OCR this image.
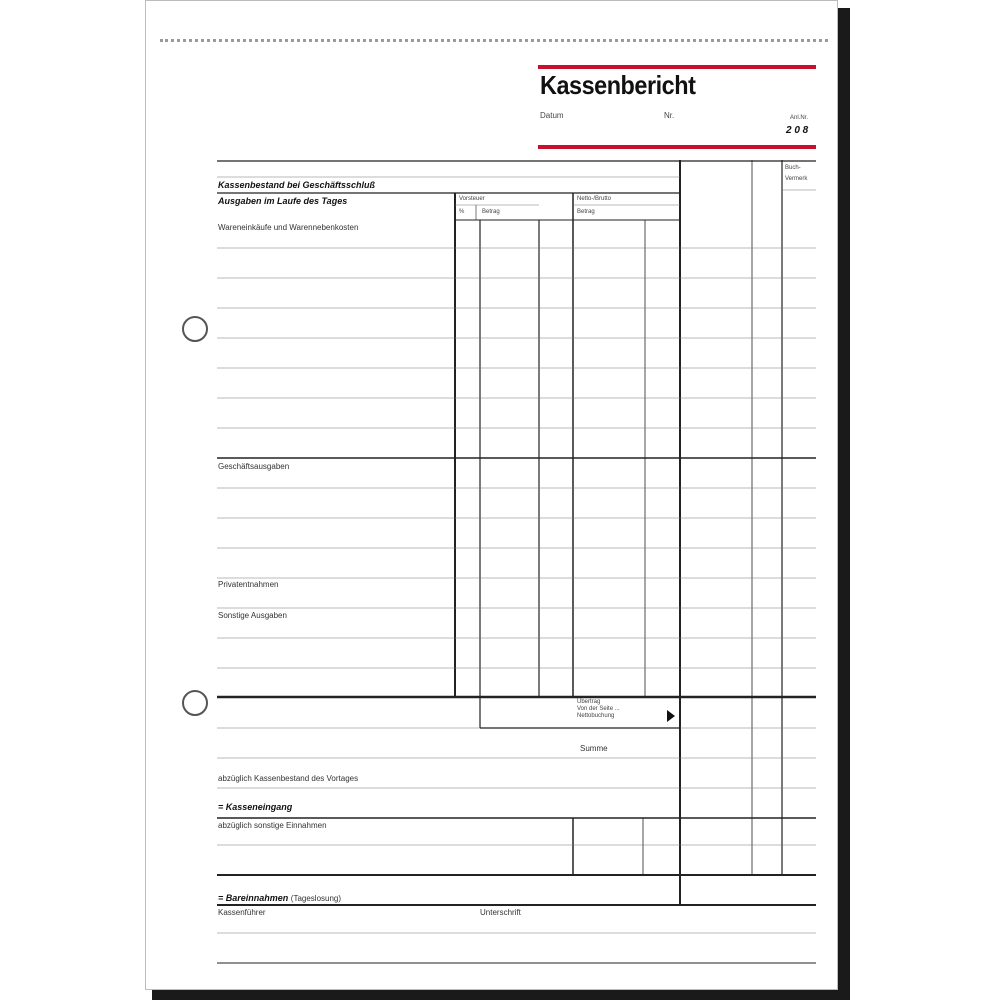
Kassenbericht
Datum	Nr.	Anl.Nr.
2 0 8
Kassenbestand bei Geschäftsschluß
Ausgaben im Laufe des Tages
Wareneinkäufe und Warennebenkosten
Vorsteuer
%	Betrag
Netto-/Brutto
Betrag
Buch-
Vermerk
Geschäftsausgaben
Privatentnahmen
Sonstige Ausgaben
Übertrag
Von der Seite ...
Nettobuchung
Summe
abzüglich Kassenbestand des Vortages
= Kasseneingang
abzüglich sonstige Einnahmen
= Bareinnahmen (Tageslosung)
Kassenführer	Unterschrift
